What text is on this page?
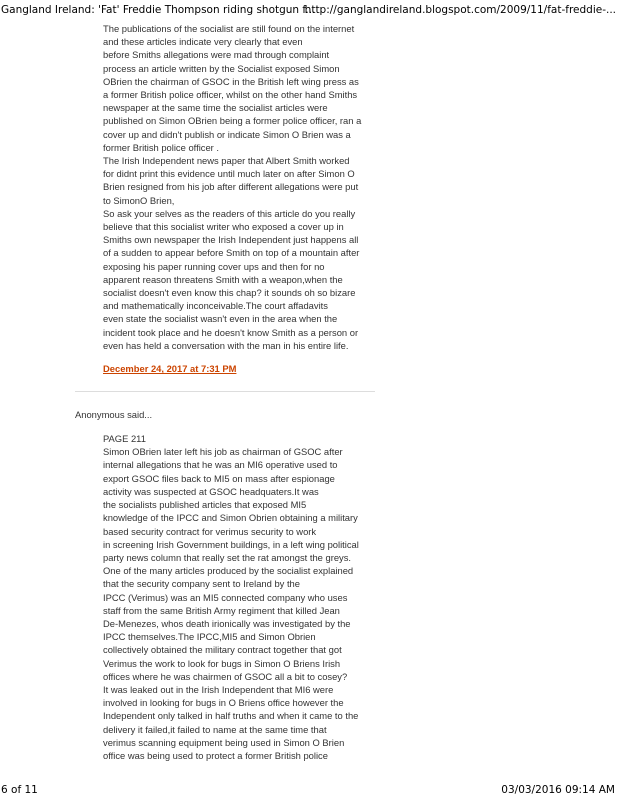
Gangland Ireland: 'Fat' Freddie Thompson riding shotgun f...
http://ganglandireland.blogspot.com/2009/11/fat-freddie-...

The publications of the socialist are still found on the internet

and these articles indicate very clearly that even

before Smiths allegations were mad through complaint

process an article written by the Socialist exposed Simon

OBrien the chairman of GSOC in the British left wing press as

a former British police officer, whilst on the other hand Smiths

newspaper at the same time the socialist articles were

published on Simon OBrien being a former police officer, ran a

cover up and didn't publish or indicate Simon O Brien was a

former British police officer .

The Irish Independent news paper that Albert Smith worked

for didnt print this evidence until much later on after Simon O

Brien resigned from his job after different allegations were put

to SimonO Brien,

So ask your selves as the readers of this article do you really

believe that this socialist writer who exposed a cover up in

Smiths own newspaper the Irish Independent just happens all

of a sudden to appear before Smith on top of a mountain after

exposing his paper running cover ups and then for no

apparent reason threatens Smith with a weapon,when the

socialist doesn't even know this chap? it sounds oh so bizare

and mathematically inconceivable.The court affadavits

even state the socialist wasn't even in the area when the

incident took place and he doesn't know Smith as a person or

even has held a conversation with the man in his entire life.

December 24, 2017 at 7:31 PM
Anonymous said...

PAGE 211

Simon OBrien later left his job as chairman of GSOC after

internal allegations that he was an MI6 operative used to

export GSOC files back to MI5 on mass after espionage

activity was suspected at GSOC headquaters.It was

the socialists published articles that exposed MI5

knowledge of the IPCC and Simon Obrien obtaining a military

based security contract for verimus security to work

in screening Irish Government buildings, in a left wing political

party news column that really set the rat amongst the greys.

One of the many articles produced by the socialist explained

that the security company sent to Ireland by the

IPCC (Verimus) was an MI5 connected company who uses

staff from the same British Army regiment that killed Jean

De-Menezes, whos death irionically was investigated by the

IPCC themselves.The IPCC,MI5 and Simon Obrien

collectively obtained the military contract together that got

Verimus the work to look for bugs in Simon O Briens Irish

offices where he was chairmen of GSOC all a bit to cosey?

It was leaked out in the Irish Independent that MI6 were

involved in looking for bugs in O Briens office however the

Independent only talked in half truths and when it came to the

delivery it failed,it failed to name at the same time that

verimus scanning equipment being used in Simon O Brien

office was being used to protect a former British police

6 of 11	03/03/2016 09:14 AM
